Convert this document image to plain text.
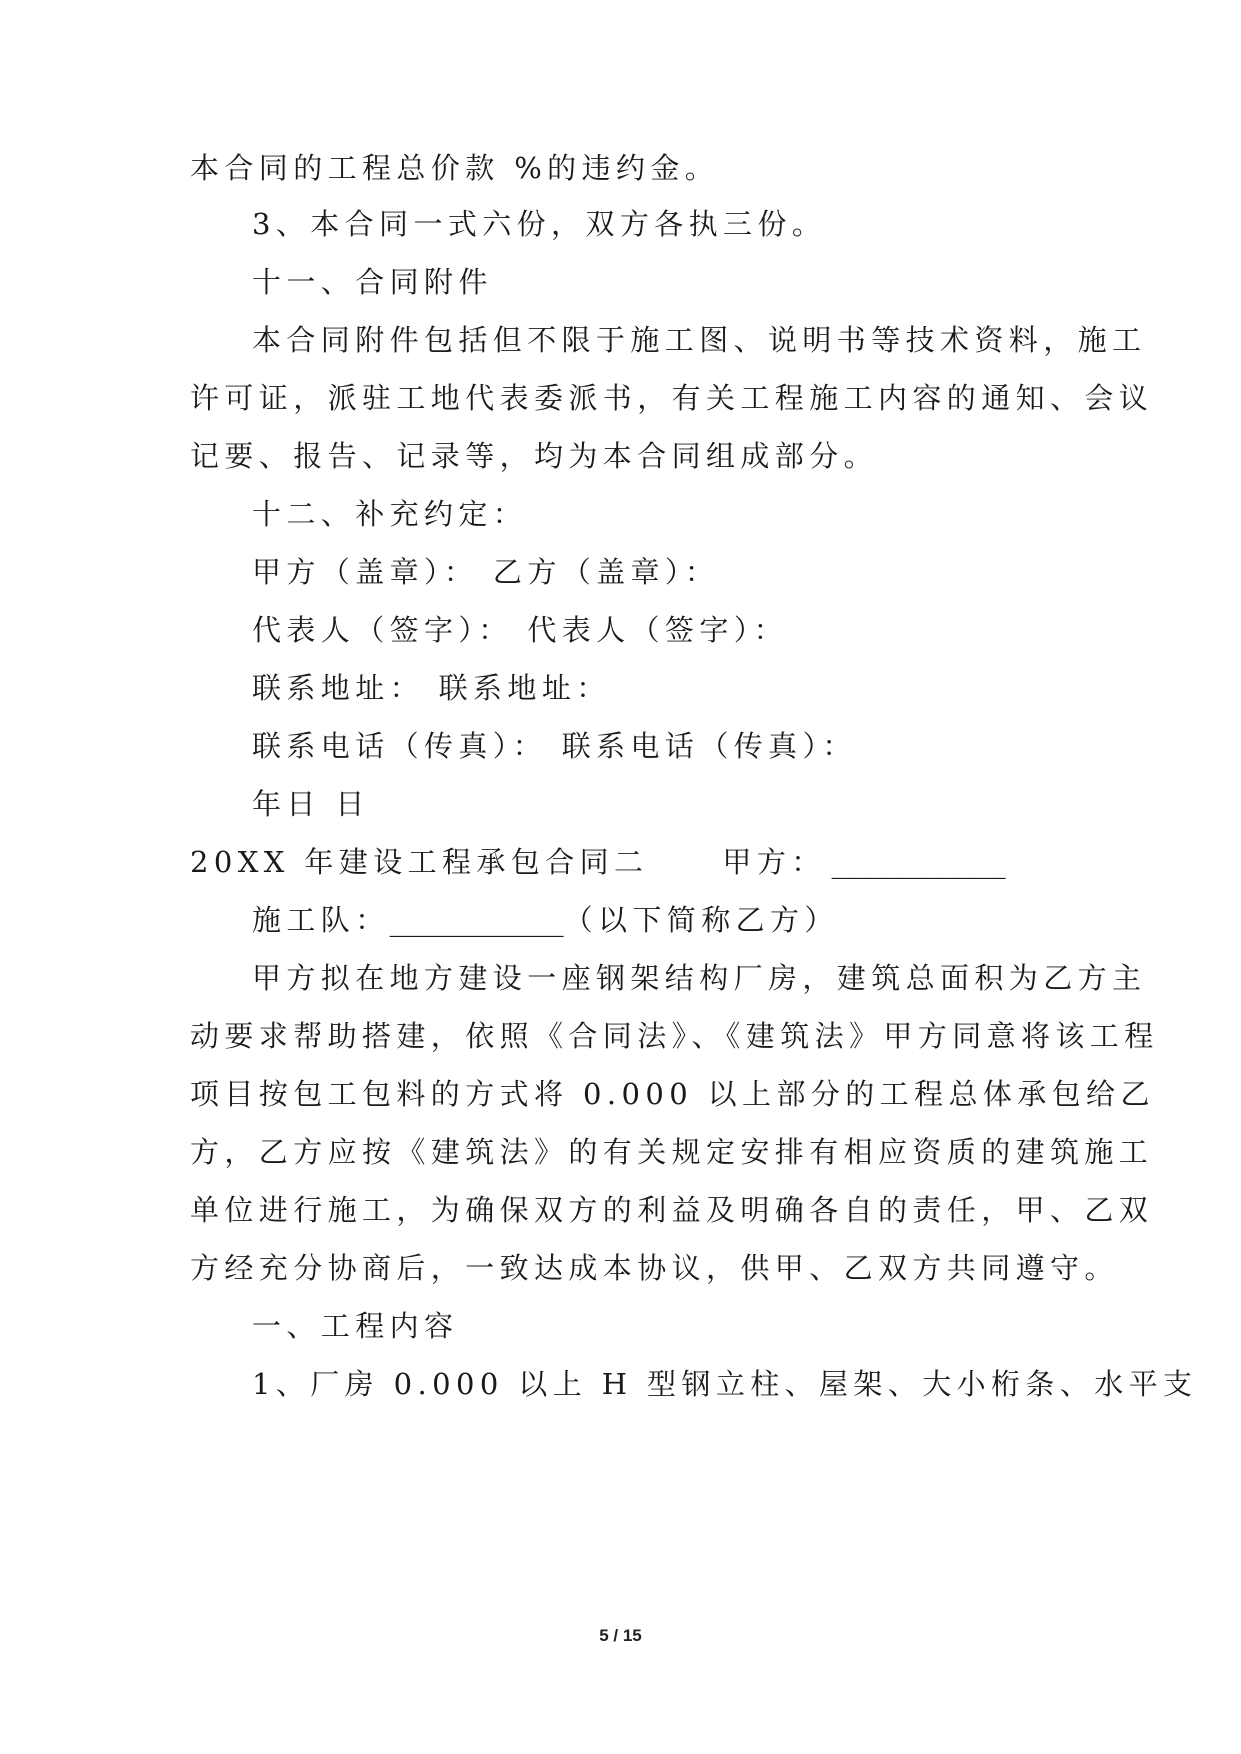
本合同的工程总价款 %的违约金。
3、本合同一式六份，双方各执三份。
十一、合同附件
本合同附件包括但不限于施工图、说明书等技术资料，施工
许可证，派驻工地代表委派书，有关工程施工内容的通知、会议
记要、报告、记录等，均为本合同组成部分。
十二、补充约定：
甲方（盖章）： 乙方（盖章）：
代表人（签字）： 代表人（签字）：
联系地址： 联系地址：
联系电话（传真）： 联系电话（传真）：
年日 日
20XX 年建设工程承包合同二	甲方： ____________
施工队：____________（以下简称乙方）
甲方拟在地方建设一座钢架结构厂房，建筑总面积为乙方主
动要求帮助搭建，依照《合同法》、《建筑法》甲方同意将该工程
项目按包工包料的方式将 0.000 以上部分的工程总体承包给乙
方，乙方应按《建筑法》的有关规定安排有相应资质的建筑施工
单位进行施工，为确保双方的利益及明确各自的责任，甲、乙双
方经充分协商后，一致达成本协议，供甲、乙双方共同遵守。
一、工程内容
1、厂房 0.000 以上 H 型钢立柱、屋架、大小桁条、水平支
5 / 15
